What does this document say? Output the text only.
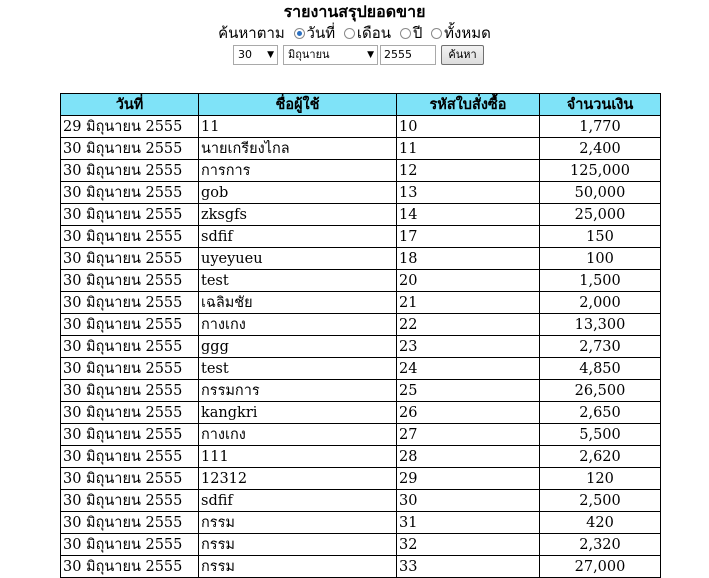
รายงานสรุปยอดขาย
ค้นหาตาม วันที่ เดือน ปี ทั้งหมด
30 ▼	มิถุนายน	▼ 2555	ค้นหา
วันที่	ชื่อผู้ใช้	รหัสใบสั่งซื้อ	จำนวนเงิน
29 มิถุนายน 2555	11	10	1,770
30 มิถุนายน 2555	นายเกรียงไกล	11	2,400
30 มิถุนายน 2555	การการ	12	125,000
30 มิถุนายน 2555	gob	13	50,000
30 มิถุนายน 2555	zksgfs	14	25,000
30 มิถุนายน 2555	sdfif	17	150
30 มิถุนายน 2555	uyeyueu	18	100
30 มิถุนายน 2555	test	20	1,500
30 มิถุนายน 2555	เฉลิมชัย	21	2,000
30 มิถุนายน 2555	กางเกง	22	13,300
30 มิถุนายน 2555	ggg	23	2,730
30 มิถุนายน 2555	test	24	4,850
30 มิถุนายน 2555	กรรมการ	25	26,500
30 มิถุนายน 2555	kangkri	26	2,650
30 มิถุนายน 2555	กางเกง	27	5,500
30 มิถุนายน 2555	111	28	2,620
30 มิถุนายน 2555	12312	29	120
30 มิถุนายน 2555	sdfif	30	2,500
30 มิถุนายน 2555	กรรม	31	420
30 มิถุนายน 2555	กรรม	32	2,320
30 มิถุนายน 2555	กรรม	33	27,000
